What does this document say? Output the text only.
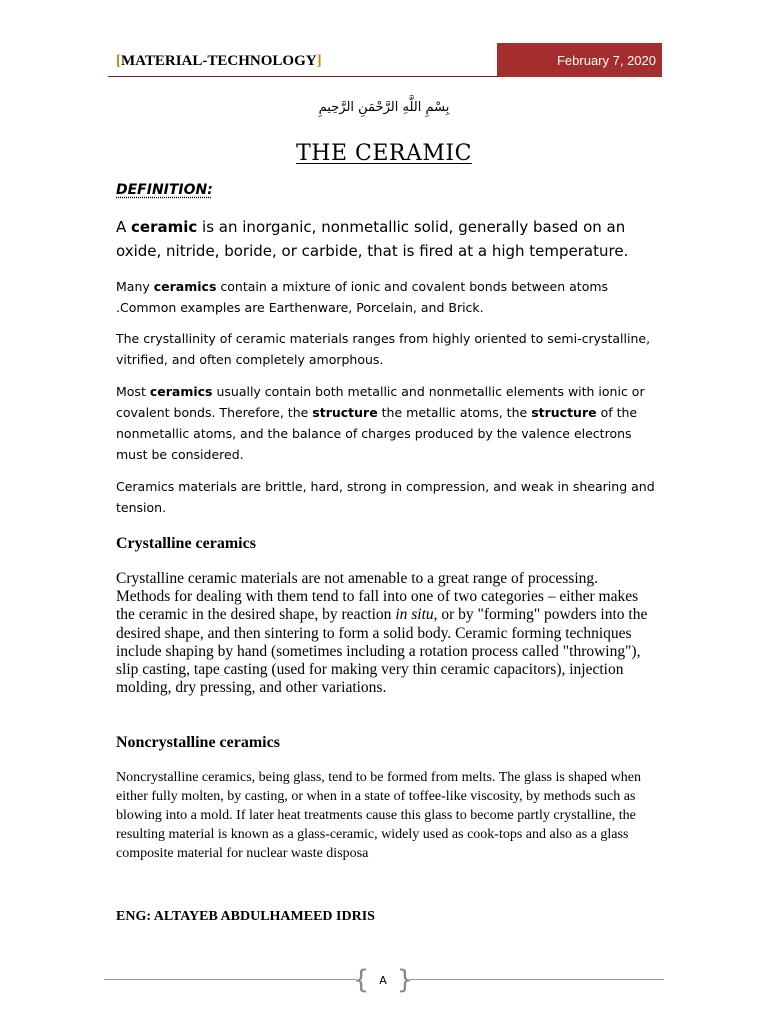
[MATERIAL-TECHNOLOGY]	February 7, 2020
بِسْمِ اللَّهِ الرَّحْمَنِ الرَّحِيمِ
THE CERAMIC
DEFINITION:
A ceramic is an inorganic, nonmetallic solid, generally based on an oxide, nitride, boride, or carbide, that is fired at a high temperature.
Many ceramics contain a mixture of ionic and covalent bonds between atoms .Common examples are Earthenware, Porcelain, and Brick.
The crystallinity of ceramic materials ranges from highly oriented to semi-crystalline, vitrified, and often completely amorphous.
Most ceramics usually contain both metallic and nonmetallic elements with ionic or covalent bonds. Therefore, the structure the metallic atoms, the structure of the nonmetallic atoms, and the balance of charges produced by the valence electrons must be considered.
Ceramics materials are brittle, hard, strong in compression, and weak in shearing and tension.
Crystalline ceramics
Crystalline ceramic materials are not amenable to a great range of processing. Methods for dealing with them tend to fall into one of two categories – either makes the ceramic in the desired shape, by reaction in situ, or by "forming" powders into the desired shape, and then sintering to form a solid body. Ceramic forming techniques include shaping by hand (sometimes including a rotation process called "throwing"), slip casting, tape casting (used for making very thin ceramic capacitors), injection molding, dry pressing, and other variations.
Noncrystalline ceramics
Noncrystalline ceramics, being glass, tend to be formed from melts. The glass is shaped when either fully molten, by casting, or when in a state of toffee-like viscosity, by methods such as blowing into a mold. If later heat treatments cause this glass to become partly crystalline, the resulting material is known as a glass-ceramic, widely used as cook-tops and also as a glass composite material for nuclear waste disposa
ENG: ALTAYEB ABDULHAMEED IDRIS
{ A }
